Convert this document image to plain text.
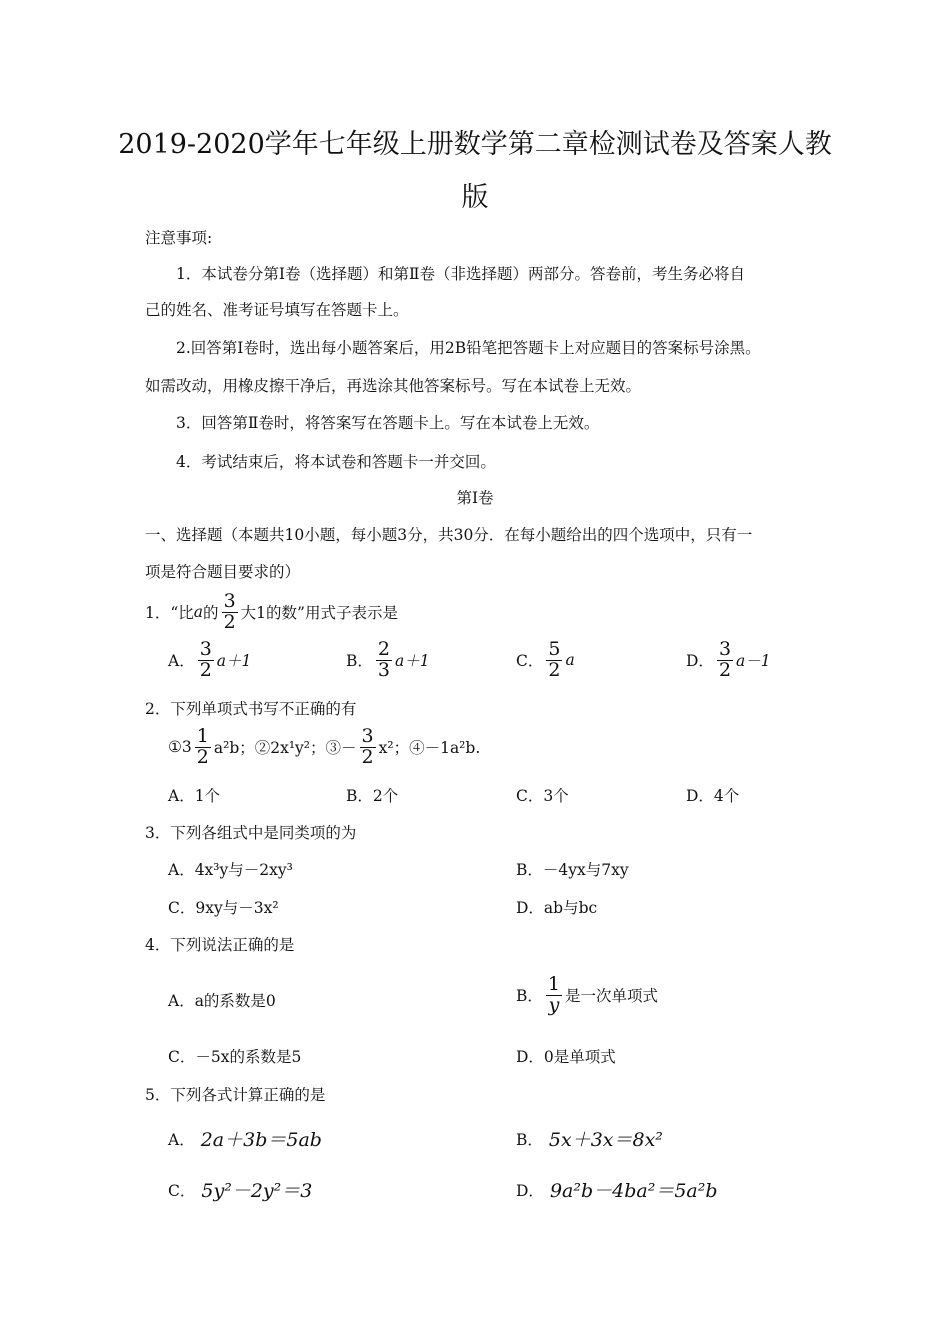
2019-2020学年七年级上册数学第二章检测试卷及答案人教
版
注意事项:
1．本试卷分第Ⅰ卷（选择题）和第Ⅱ卷（非选择题）两部分。答卷前，考生务必将自
己的姓名、准考证号填写在答题卡上。
2.回答第Ⅰ卷时，选出每小题答案后，用2B铅笔把答题卡上对应题目的答案标号涂黑。
如需改动，用橡皮擦干净后，再选涂其他答案标号。写在本试卷上无效。
3．回答第Ⅱ卷时，将答案写在答题卡上。写在本试卷上无效。
4．考试结束后，将本试卷和答题卡一并交回。
第Ⅰ卷
一、选择题（本题共10小题，每小题3分，共30分．在每小题给出的四个选项中，只有一
项是符合题目要求的）
1．“比 a 的 $\frac{3}{2}$ 大1的数”用式子表示是
A． $\frac{3}{2} a+1$	B． $\frac{2}{3} a+1$	C． $\frac{5}{2}$ a	D． $\frac{3}{2} a-1$
2．下列单项式书写不正确的有
①3 $\frac{1}{2} a^2b$；②2x¹y²；③－ $\frac{3}{2} x^2$；④－1a²b.
A．1个	B．2个	C．3个	D．4个
3．下列各组式中是同类项的为
A．4x³y与－2xy³	B．－4yx与7xy
C．9xy与－3x²	D．ab与bc
4．下列说法正确的是
A．a的系数是0	B． $\frac{1}{y}$ 是一次单项式
C．－5x的系数是5	D．0是单项式
5．下列各式计算正确的是
A． 2a＋3b＝5ab	B． 5x＋3x＝8x²
C． 5y²－2y²＝3	D． 9a²b－4ba²＝5a²b
